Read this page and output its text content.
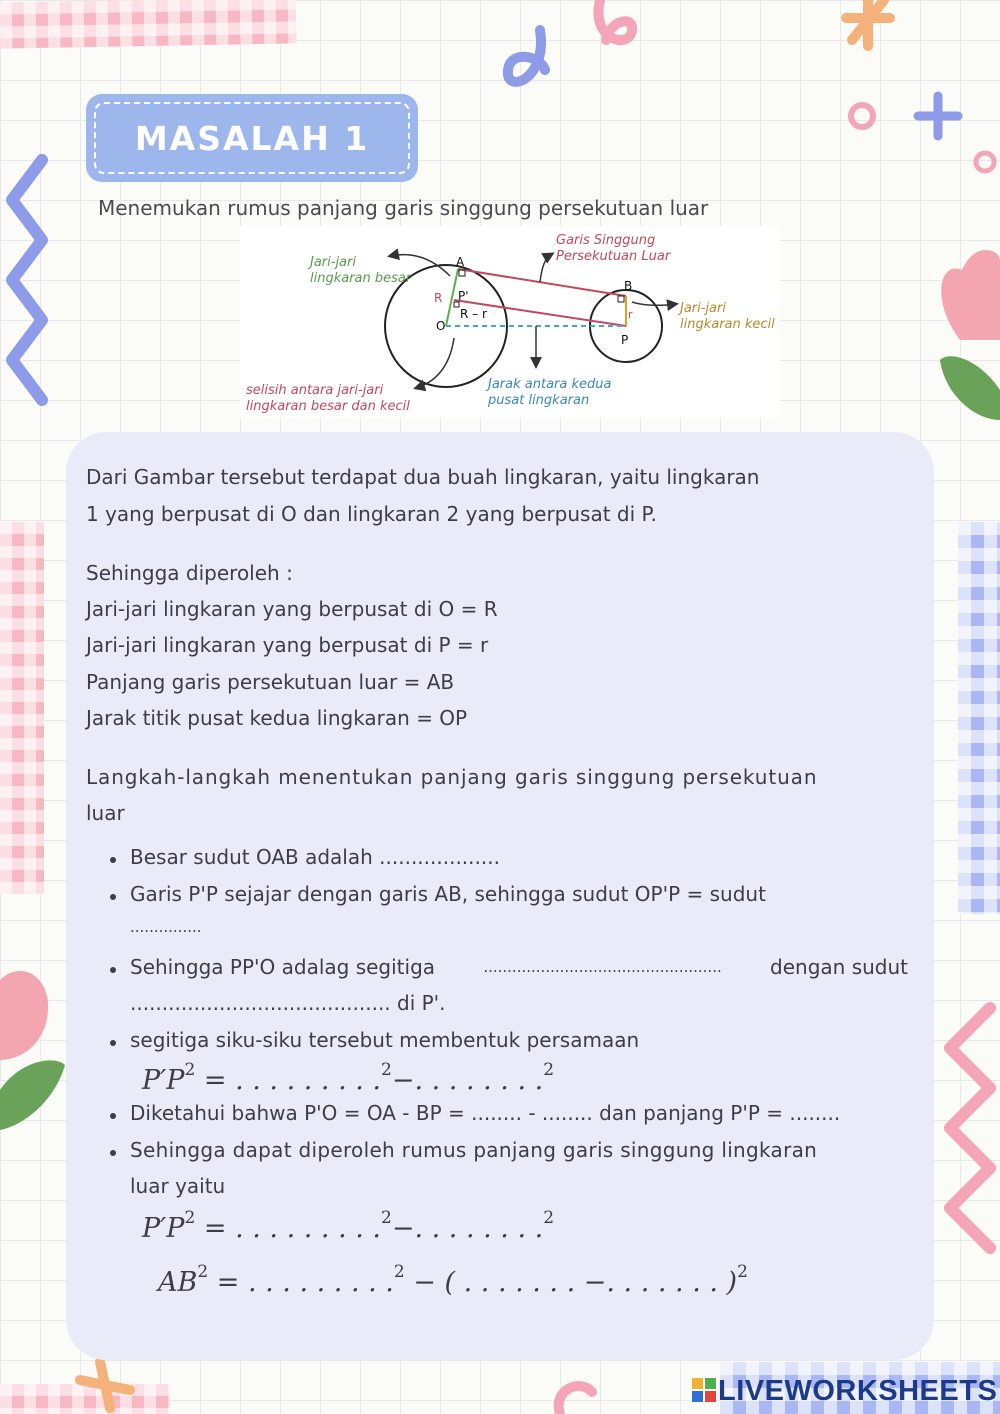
MASALAH 1
Menemukan rumus panjang garis singgung persekutuan luar
A
B
O
P
P'
R
r
R – r
Jari-jari
lingkaran besar
Garis Singgung
Persekutuan Luar
Jari-jari
lingkaran kecil
selisih antara jari-jari
lingkaran besar dan kecil
Jarak antara kedua
pusat lingkaran
Dari Gambar tersebut terdapat dua buah lingkaran, yaitu lingkaran
1 yang berpusat di O dan lingkaran 2 yang berpusat di P.
Sehingga diperoleh :
Jari-jari lingkaran yang berpusat di O = R
Jari-jari lingkaran yang berpusat di P = r
Panjang garis persekutuan luar = AB
Jarak titik pusat kedua lingkaran = OP
Langkah-langkah menentukan panjang garis singgung persekutuan
luar
Besar sudut OAB adalah ...................
Garis P'P sejajar dengan garis AB, sehingga sudut OP'P = sudut
...............
Sehingga PP'O adalag segitiga	.................................................. dengan sudut
......................................... di P'.
segitiga siku-siku tersebut membentuk persamaan
$P'P^2$ = . . . . . . . . .$^2$−. . . . . . . .$^2$
Diketahui bahwa P'O = OA - BP = ........ - ........ dan panjang P'P = ........
Sehingga dapat diperoleh rumus panjang garis singgung lingkaran
luar yaitu
$P'P^2$ = . . . . . . . . .$^2$−. . . . . . . .$^2$
$AB^2$ = . . . . . . . . .$^2$ − ( . . . . . . . −. . . . . . . )$^2$
LIVEWORKSHEETS
